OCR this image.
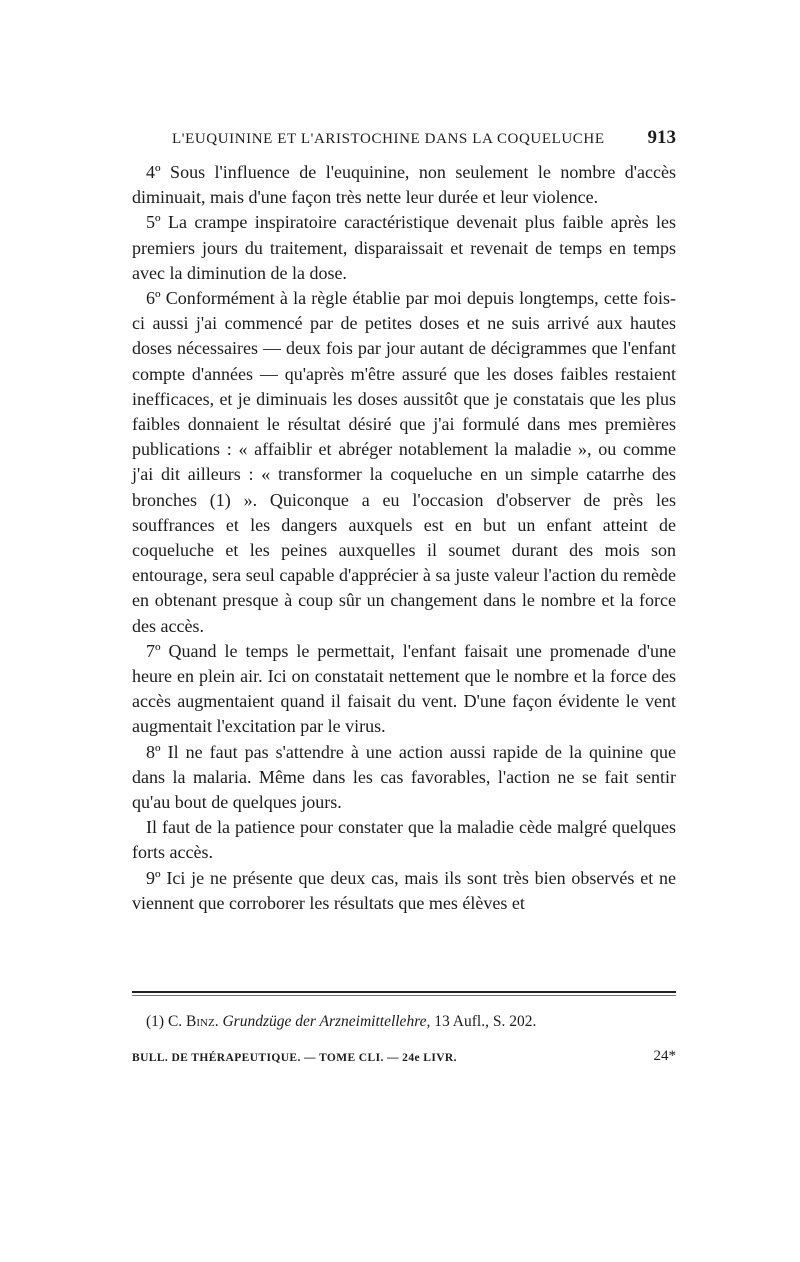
L'EUQUININE ET L'ARISTOCHINE DANS LA COQUELUCHE 913

4º Sous l'influence de l'euquinine, non seulement le nombre d'accès diminuait, mais d'une façon très nette leur durée et leur violence.

5º La crampe inspiratoire caractéristique devenait plus faible après les premiers jours du traitement, disparaissait et revenait de temps en temps avec la diminution de la dose.

6º Conformément à la règle établie par moi depuis longtemps, cette fois-ci aussi j'ai commencé par de petites doses et ne suis arrivé aux hautes doses nécessaires — deux fois par jour autant de décigrammes que l'enfant compte d'années — qu'après m'être assuré que les doses faibles restaient inefficaces, et je diminuais les doses aussitôt que je constatais que les plus faibles donnaient le résultat désiré que j'ai formulé dans mes premières publications : « affaiblir et abréger notablement la maladie », ou comme j'ai dit ailleurs : « transformer la coqueluche en un simple catarrhe des bronches (1) ». Quiconque a eu l'occasion d'observer de près les souffrances et les dangers auxquels est en but un enfant atteint de coqueluche et les peines auxquelles il soumet durant des mois son entourage, sera seul capable d'apprécier à sa juste valeur l'action du remède en obtenant presque à coup sûr un changement dans le nombre et la force des accès.

7º Quand le temps le permettait, l'enfant faisait une promenade d'une heure en plein air. Ici on constatait nettement que le nombre et la force des accès augmentaient quand il faisait du vent. D'une façon évidente le vent augmentait l'excitation par le virus.

8º Il ne faut pas s'attendre à une action aussi rapide de la quinine que dans la malaria. Même dans les cas favorables, l'action ne se fait sentir qu'au bout de quelques jours.

Il faut de la patience pour constater que la maladie cède malgré quelques forts accès.

9º Ici je ne présente que deux cas, mais ils sont très bien observés et ne viennent que corroborer les résultats que mes élèves et

(1) C. Binz. Grundzüge der Arzneimittellehre, 13 Aufl., S. 202.
BULL. DE THÉRAPEUTIQUE. — TOME CLI. — 24e LIVR.	24*
